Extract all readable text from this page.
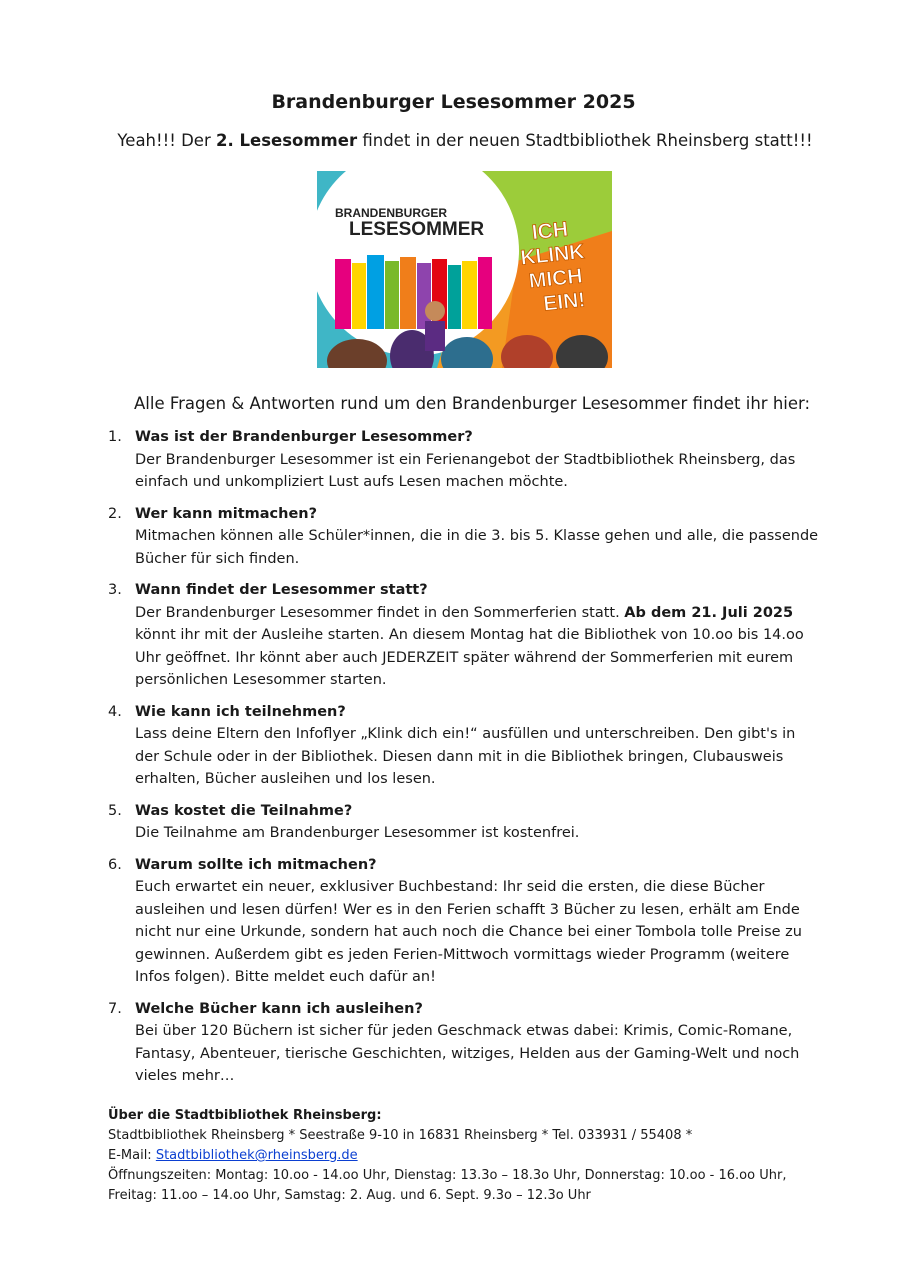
Brandenburger Lesesommer 2025
Yeah!!! Der 2. Lesesommer findet in der neuen Stadtbibliothek Rheinsberg statt!!!
BRANDENBURGER
LESESOMMER ICH
KLINK
MICH
EIN!
Alle Fragen & Antworten rund um den Brandenburger Lesesommer findet ihr hier:
1. Was ist der Brandenburger Lesesommer?
Der Brandenburger Lesesommer ist ein Ferienangebot der Stadtbibliothek Rheinsberg, das einfach und unkompliziert Lust aufs Lesen machen möchte.
2. Wer kann mitmachen?
Mitmachen können alle Schüler*innen, die in die 3. bis 5. Klasse gehen und alle, die passende Bücher für sich finden.
3. Wann findet der Lesesommer statt?
Der Brandenburger Lesesommer findet in den Sommerferien statt. Ab dem 21. Juli 2025 könnt ihr mit der Ausleihe starten. An diesem Montag hat die Bibliothek von 10.oo bis 14.oo Uhr geöffnet. Ihr könnt aber auch JEDERZEIT später während der Sommerferien mit eurem persönlichen Lesesommer starten.
4. Wie kann ich teilnehmen?
Lass deine Eltern den Infoflyer „Klink dich ein!“ ausfüllen und unterschreiben. Den gibt's in der Schule oder in der Bibliothek. Diesen dann mit in die Bibliothek bringen, Clubausweis erhalten, Bücher ausleihen und los lesen.
5. Was kostet die Teilnahme?
Die Teilnahme am Brandenburger Lesesommer ist kostenfrei.
6. Warum sollte ich mitmachen?
Euch erwartet ein neuer, exklusiver Buchbestand: Ihr seid die ersten, die diese Bücher ausleihen und lesen dürfen! Wer es in den Ferien schafft 3 Bücher zu lesen, erhält am Ende nicht nur eine Urkunde, sondern hat auch noch die Chance bei einer Tombola tolle Preise zu gewinnen. Außerdem gibt es jeden Ferien-Mittwoch vormittags wieder Programm (weitere Infos folgen). Bitte meldet euch dafür an!
7. Welche Bücher kann ich ausleihen?
Bei über 120 Büchern ist sicher für jeden Geschmack etwas dabei: Krimis, Comic-Romane, Fantasy, Abenteuer, tierische Geschichten, witziges, Helden aus der Gaming-Welt und noch vieles mehr…
Über die Stadtbibliothek Rheinsberg:
Stadtbibliothek Rheinsberg * Seestraße 9-10 in 16831 Rheinsberg * Tel. 033931 / 55408 *
E-Mail: Stadtbibliothek@rheinsberg.de
Öffnungszeiten: Montag: 10.oo - 14.oo Uhr, Dienstag: 13.3o – 18.3o Uhr, Donnerstag: 10.oo - 16.oo Uhr,
Freitag: 11.oo – 14.oo Uhr, Samstag: 2. Aug. und 6. Sept. 9.3o – 12.3o Uhr
